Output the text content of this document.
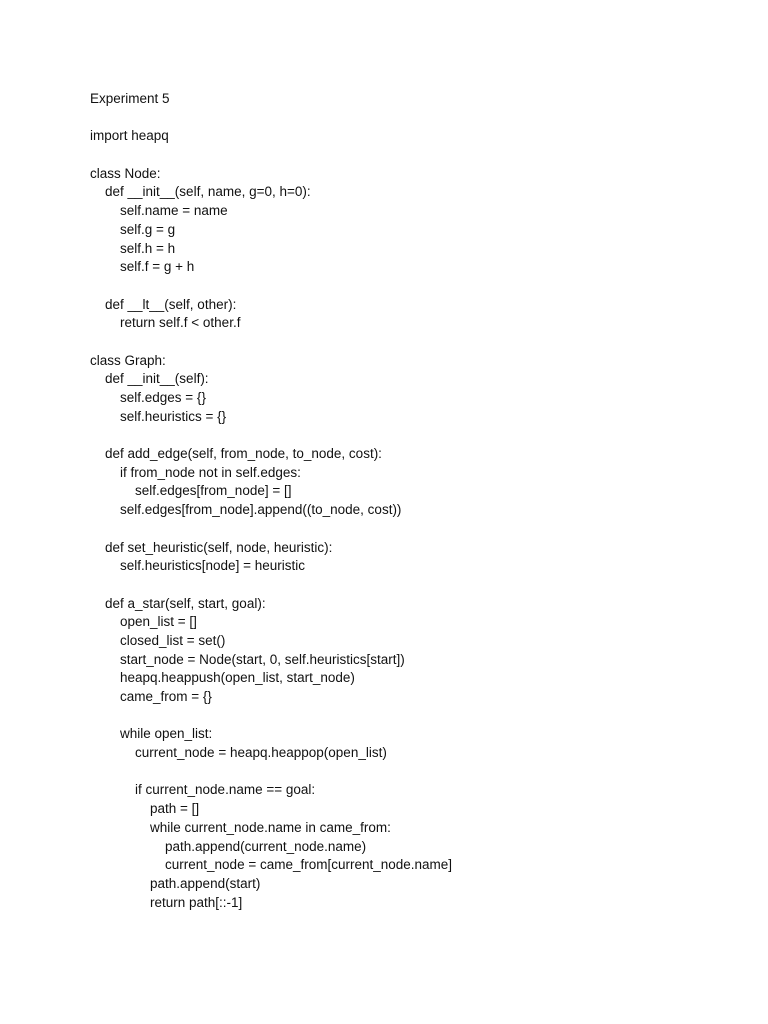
Experiment 5
import heapq
class Node:
def __init__(self, name, g=0, h=0):
self.name = name
self.g = g
self.h = h
self.f = g + h
def __lt__(self, other):
return self.f < other.f
class Graph:
def __init__(self):
self.edges = {}
self.heuristics = {}
def add_edge(self, from_node, to_node, cost):
if from_node not in self.edges:
self.edges[from_node] = []
self.edges[from_node].append((to_node, cost))
def set_heuristic(self, node, heuristic):
self.heuristics[node] = heuristic
def a_star(self, start, goal):
open_list = []
closed_list = set()
start_node = Node(start, 0, self.heuristics[start])
heapq.heappush(open_list, start_node)
came_from = {}
while open_list:
current_node = heapq.heappop(open_list)
if current_node.name == goal:
path = []
while current_node.name in came_from:
path.append(current_node.name)
current_node = came_from[current_node.name]
path.append(start)
return path[::-1]
